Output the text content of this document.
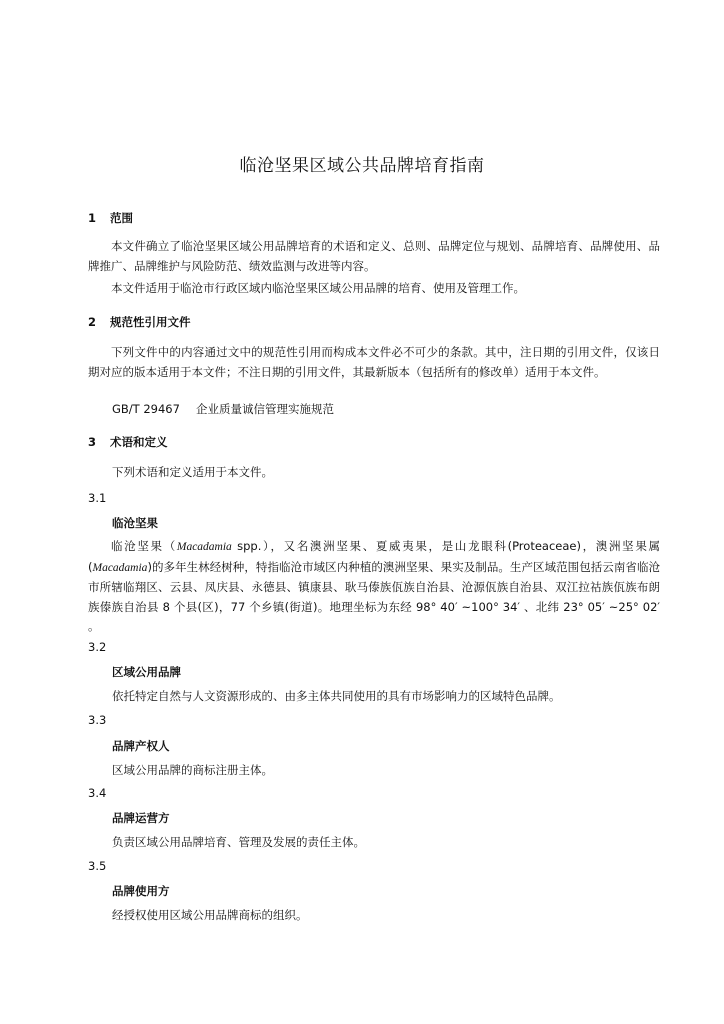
临沧坚果区域公共品牌培育指南
1 范围

本文件确立了临沧坚果区域公用品牌培育的术语和定义、总则、品牌定位与规划、品牌培育、品牌使用、品牌推广、品牌维护与风险防范、绩效监测与改进等内容。

本文件适用于临沧市行政区域内临沧坚果区域公用品牌的培育、使用及管理工作。

2 规范性引用文件

下列文件中的内容通过文中的规范性引用而构成本文件必不可少的条款。其中，注日期的引用文件，仅该日期对应的版本适用于本文件；不注日期的引用文件，其最新版本（包括所有的修改单）适用于本文件。

GB/T 29467 企业质量诚信管理实施规范
3 术语和定义
下列术语和定义适用于本文件。
3.1
临沧坚果

临沧坚果（Macadamia spp.），又名澳洲坚果、夏威夷果，是山龙眼科(Proteaceae)，澳洲坚果属(Macadamia)的多年生林经树种，特指临沧市域区内种植的澳洲坚果、果实及制品。生产区域范围包括云南省临沧市所辖临翔区、云县、凤庆县、永德县、镇康县、耿马傣族佤族自治县、沧源佤族自治县、双江拉祜族佤族布朗族傣族自治县 8 个县(区)，77 个乡镇(街道)。地理坐标为东经 98° 40′ ~100° 34′ 、北纬 23° 05′ ~25° 02′ 。

3.2
区域公用品牌
依托特定自然与人文资源形成的、由多主体共同使用的具有市场影响力的区域特色品牌。
3.3
品牌产权人
区域公用品牌的商标注册主体。
3.4
品牌运营方
负责区域公用品牌培育、管理及发展的责任主体。
3.5
品牌使用方
经授权使用区域公用品牌商标的组织。
